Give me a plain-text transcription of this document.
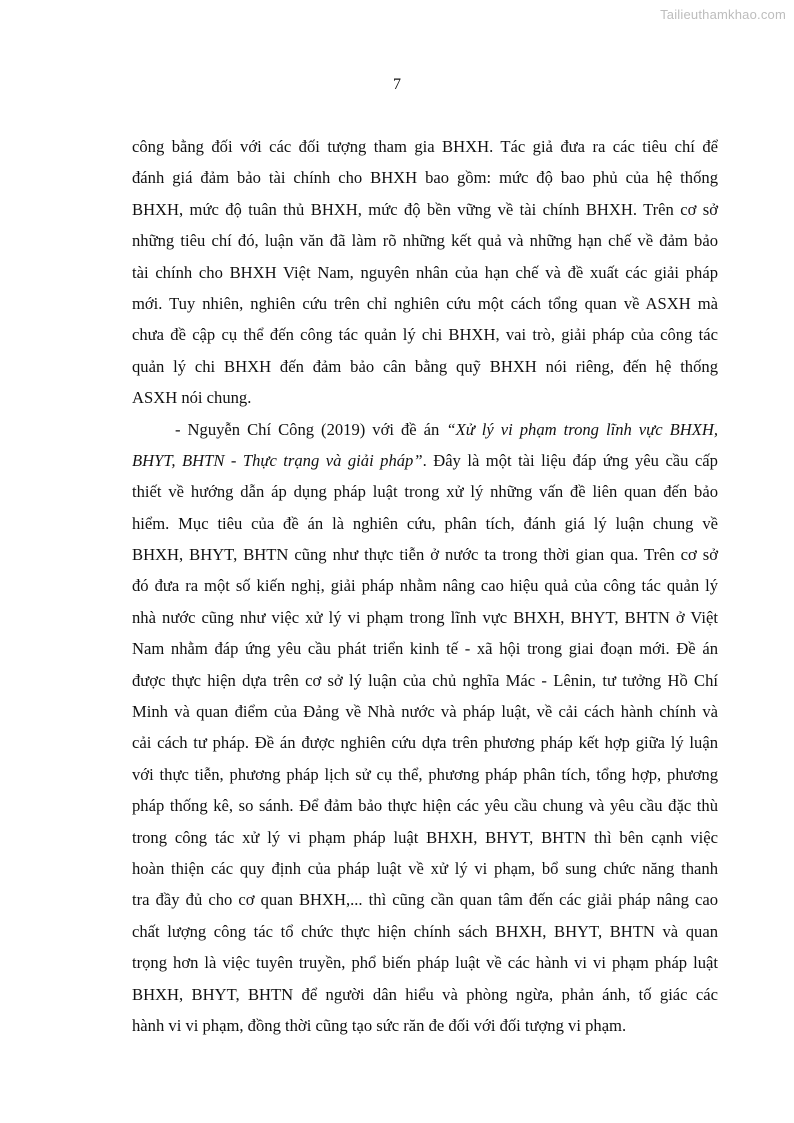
Tailieuthamkhao.com
7
công bằng đối với các đối tượng tham gia BHXH. Tác giả đưa ra các tiêu chí để
đánh giá đảm bảo tài chính cho BHXH bao gồm: mức độ bao phủ của hệ thống
BHXH, mức độ tuân thủ BHXH, mức độ bền vững về tài chính BHXH. Trên cơ sở
những tiêu chí đó, luận văn đã làm rõ những kết quả và những hạn chế về đảm bảo
tài chính cho BHXH Việt Nam, nguyên nhân của hạn chế và đề xuất các giải pháp
mới. Tuy nhiên, nghiên cứu trên chỉ nghiên cứu một cách tổng quan về ASXH mà
chưa đề cập cụ thể đến công tác quản lý chi BHXH, vai trò, giải pháp của công tác
quản lý chi BHXH đến đảm bảo cân bằng quỹ BHXH nói riêng, đến hệ thống
ASXH nói chung.
- Nguyễn Chí Công (2019) với đề án “Xử lý vi phạm trong lĩnh vực BHXH,
BHYT, BHTN - Thực trạng và giải pháp”. Đây là một tài liệu đáp ứng yêu cầu cấp
thiết về hướng dẫn áp dụng pháp luật trong xử lý những vấn đề liên quan đến bảo
hiểm. Mục tiêu của đề án là nghiên cứu, phân tích, đánh giá lý luận chung về
BHXH, BHYT, BHTN cũng như thực tiễn ở nước ta trong thời gian qua. Trên cơ sở
đó đưa ra một số kiến nghị, giải pháp nhằm nâng cao hiệu quả của công tác quản lý
nhà nước cũng như việc xử lý vi phạm trong lĩnh vực BHXH, BHYT, BHTN ở Việt
Nam nhằm đáp ứng yêu cầu phát triển kinh tế - xã hội trong giai đoạn mới. Đề án
được thực hiện dựa trên cơ sở lý luận của chủ nghĩa Mác - Lênin, tư tưởng Hồ Chí
Minh và quan điểm của Đảng về Nhà nước và pháp luật, về cải cách hành chính và
cải cách tư pháp. Đề án được nghiên cứu dựa trên phương pháp kết hợp giữa lý luận
với thực tiễn, phương pháp lịch sử cụ thể, phương pháp phân tích, tổng hợp, phương
pháp thống kê, so sánh. Để đảm bảo thực hiện các yêu cầu chung và yêu cầu đặc thù
trong công tác xử lý vi phạm pháp luật BHXH, BHYT, BHTN thì bên cạnh việc
hoàn thiện các quy định của pháp luật về xử lý vi phạm, bổ sung chức năng thanh
tra đầy đủ cho cơ quan BHXH,... thì cũng cần quan tâm đến các giải pháp nâng cao
chất lượng công tác tổ chức thực hiện chính sách BHXH, BHYT, BHTN và quan
trọng hơn là việc tuyên truyền, phổ biến pháp luật về các hành vi vi phạm pháp luật
BHXH, BHYT, BHTN để người dân hiểu và phòng ngừa, phản ánh, tố giác các
hành vi vi phạm, đồng thời cũng tạo sức răn đe đối với đối tượng vi phạm.
